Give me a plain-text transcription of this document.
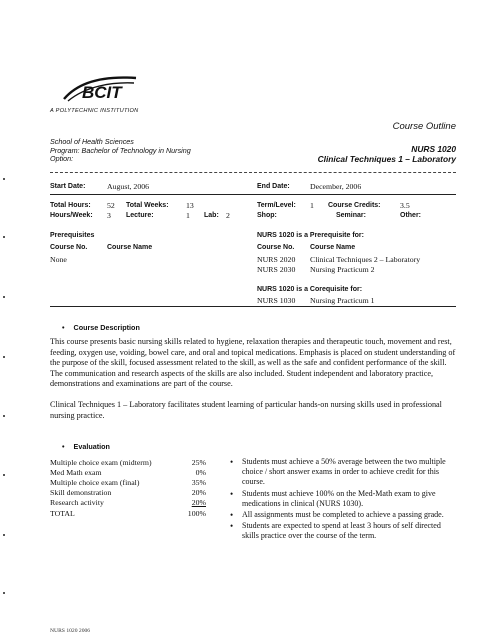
BCIT
A POLYTECHNIC INSTITUTION
Course Outline
School of Health Sciences
Program: Bachelor of Technology in Nursing
Option:
NURS 1020
Clinical Techniques 1 – Laboratory
Start Date:	August, 2006	End Date:	December, 2006
Total Hours: 52 Total Weeks: 13	Term/Level: 1 Course Credits: 3.5
Hours/Week: 3 Lecture:	1 Lab: 2	Shop:	Seminar:	Other:
Prerequisites
Course No.	Course Name
None
NURS 1020 is a Prerequisite for:
Course No. Course Name
NURS 2020 Clinical Techniques 2 – Laboratory
NURS 2030 Nursing Practicum 2
NURS 1020 is a Corequisite for:
NURS 1030 Nursing Practicum 1
• Course Description
This course presents basic nursing skills related to hygiene, relaxation therapies and therapeutic touch, movement and rest, feeding, oxygen use, voiding, bowel care, and oral and topical medications. Emphasis is placed on student understanding of the purpose of the skill, focused assessment related to the skill, as well as the safe and confident performance of the skill. The communication and research aspects of the skills are also included. Student independent and laboratory practice, demonstrations and examinations are part of the course.
Clinical Techniques 1 – Laboratory facilitates student learning of particular hands-on nursing skills used in professional nursing practice.
• Evaluation
Multiple choice exam (midterm)	25%
Med Math exam	0%
Multiple choice exam (final)	35%
Skill demonstration	20%
Research activity	20%
TOTAL	100%
• Students must achieve a 50% average between the two multiple choice / short answer exams in order to achieve credit for this course.
• Students must achieve 100% on the Med-Math exam to give medications in clinical (NURS 1030).
• All assignments must be completed to achieve a passing grade.
• Students are expected to spend at least 3 hours of self directed skills practice over the course of the term.
NURS 1020 2006
